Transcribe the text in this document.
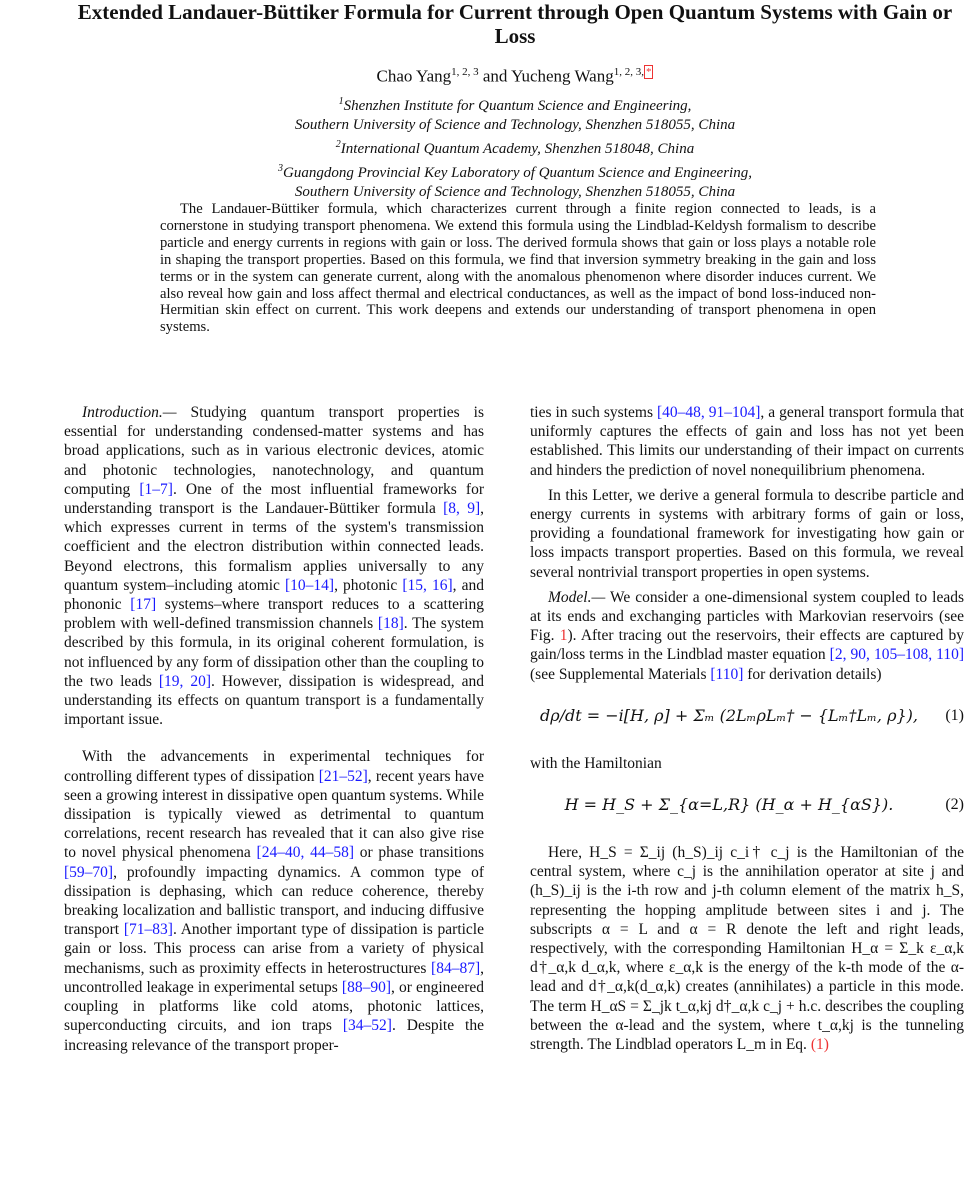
Extended Landauer-Büttiker Formula for Current through Open Quantum Systems with Gain or Loss
Chao Yang$^{1, 2, 3}$ and Yucheng Wang$^{1, 2, 3, *}$
$^1$Shenzhen Institute for Quantum Science and Engineering,
Southern University of Science and Technology, Shenzhen 518055, China
$^2$International Quantum Academy, Shenzhen 518048, China
$^3$Guangdong Provincial Key Laboratory of Quantum Science and Engineering,
Southern University of Science and Technology, Shenzhen 518055, China

The Landauer-Büttiker formula, which characterizes current through a finite region connected to leads, is a cornerstone in studying transport phenomena. We extend this formula using the Lindblad-Keldysh formalism to describe particle and energy currents in regions with gain or loss. The derived formula shows that gain or loss plays a notable role in shaping the transport properties. Based on this formula, we find that inversion symmetry breaking in the gain and loss terms or in the system can generate current, along with the anomalous phenomenon where disorder induces current. We also reveal how gain and loss affect thermal and electrical conductances, as well as the impact of bond loss-induced non-Hermitian skin effect on current. This work deepens and extends our understanding of transport phenomena in open systems.

Introduction.— Studying quantum transport properties is essential for understanding condensed-matter systems and has broad applications, such as in various electronic devices, atomic and photonic technologies, nanotechnology, and quantum computing [1–7]. One of the most influential frameworks for understanding transport is the Landauer-Büttiker formula [8, 9], which expresses current in terms of the system's transmission coefficient and the electron distribution within connected leads. Beyond electrons, this formalism applies universally to any quantum system–including atomic [10–14], photonic [15, 16], and phononic [17] systems–where transport reduces to a scattering problem with well-defined transmission channels [18]. The system described by this formula, in its original coherent formulation, is not influenced by any form of dissipation other than the coupling to the two leads [19, 20]. However, dissipation is widespread, and understanding its effects on quantum transport is a fundamentally important issue.

With the advancements in experimental techniques for controlling different types of dissipation [21–52], recent years have seen a growing interest in dissipative open quantum systems. While dissipation is typically viewed as detrimental to quantum correlations, recent research has revealed that it can also give rise to novel physical phenomena [24–40, 44–58] or phase transitions [59–70], profoundly impacting dynamics. A common type of dissipation is dephasing, which can reduce coherence, thereby breaking localization and ballistic transport, and inducing diffusive transport [71–83]. Another important type of dissipation is particle gain or loss. This process can arise from a variety of physical mechanisms, such as proximity effects in heterostructures [84–87], uncontrolled leakage in experimental setups [88–90], or engineered coupling in platforms like cold atoms, photonic lattices, superconducting circuits, and ion traps [34–52]. Despite the increasing relevance of the transport proper-

ties in such systems [40–48, 91–104], a general transport formula that uniformly captures the effects of gain and loss has not yet been established. This limits our understanding of their impact on currents and hinders the prediction of novel nonequilibrium phenomena.

In this Letter, we derive a general formula to describe particle and energy currents in systems with arbitrary forms of gain or loss, providing a foundational framework for investigating how gain or loss impacts transport properties. Based on this formula, we reveal several nontrivial transport properties in open systems.

Model.— We consider a one-dimensional system coupled to leads at its ends and exchanging particles with Markovian reservoirs (see Fig. 1). After tracing out the reservoirs, their effects are captured by gain/loss terms in the Lindblad master equation [2, 90, 105–108, 110] (see Supplemental Materials [110] for derivation details)

dρ/dt = −i[H, ρ] + Σₘ (2LₘρLₘ† − {Lₘ†Lₘ, ρ}),	(1)

with the Hamiltonian

H = H_S + Σ_{α=L,R} (H_α + H_{αS}).	(2)

Here, H_S = Σ_ij (h_S)_ij c_i† c_j is the Hamiltonian of the central system, where c_j is the annihilation operator at site j and (h_S)_ij is the i-th row and j-th column element of the matrix h_S, representing the hopping amplitude between sites i and j. The subscripts α = L and α = R denote the left and right leads, respectively, with the corresponding Hamiltonian H_α = Σ_k ε_α,k d†_α,k d_α,k, where ε_α,k is the energy of the k-th mode of the α-lead and d†_α,k(d_α,k) creates (annihilates) a particle in this mode. The term H_αS = Σ_jk t_α,kj d†_α,k c_j + h.c. describes the coupling between the α-lead and the system, where t_α,kj is the tunneling strength. The Lindblad operators L_m in Eq. (1)
